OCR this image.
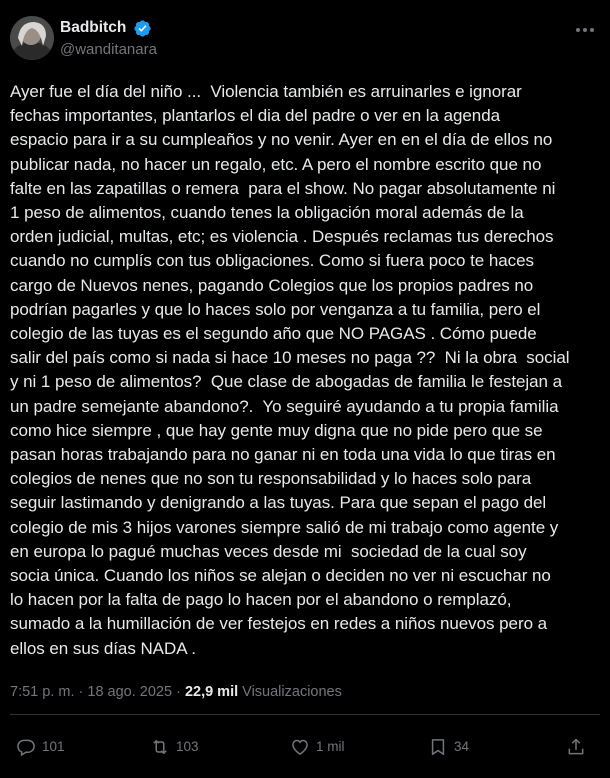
Badbitch
@wanditanara
Ayer fue el día del niño ...  Violencia también es arruinarles e ignorar
fechas importantes, plantarlos el dia del padre o ver en la agenda
espacio para ir a su cumpleaños y no venir. Ayer en en el día de ellos no
publicar nada, no hacer un regalo, etc. A pero el nombre escrito que no
falte en las zapatillas o remera  para el show. No pagar absolutamente ni
1 peso de alimentos, cuando tenes la obligación moral además de la
orden judicial, multas, etc; es violencia . Después reclamas tus derechos
cuando no cumplís con tus obligaciones. Como si fuera poco te haces
cargo de Nuevos nenes, pagando Colegios que los propios padres no
podrían pagarles y que lo haces solo por venganza a tu familia, pero el
colegio de las tuyas es el segundo año que NO PAGAS . Cómo puede
salir del país como si nada si hace 10 meses no paga ??  Ni la obra  social
y ni 1 peso de alimentos?  Que clase de abogadas de familia le festejan a
un padre semejante abandono?.  Yo seguiré ayudando a tu propia familia
como hice siempre , que hay gente muy digna que no pide pero que se
pasan horas trabajando para no ganar ni en toda una vida lo que tiras en
colegios de nenes que no son tu responsabilidad y lo haces solo para
seguir lastimando y denigrando a las tuyas. Para que sepan el pago del
colegio de mis 3 hijos varones siempre salió de mi trabajo como agente y
en europa lo pagué muchas veces desde mi  sociedad de la cual soy
socia única. Cuando los niños se alejan o deciden no ver ni escuchar no
lo hacen por la falta de pago lo hacen por el abandono o remplazó,
sumado a la humillación de ver festejos en redes a niños nuevos pero a
ellos en sus días NADA .
7:51 p. m. · 18 ago. 2025 · 22,9 mil Visualizaciones
101	103	1 mil	34
